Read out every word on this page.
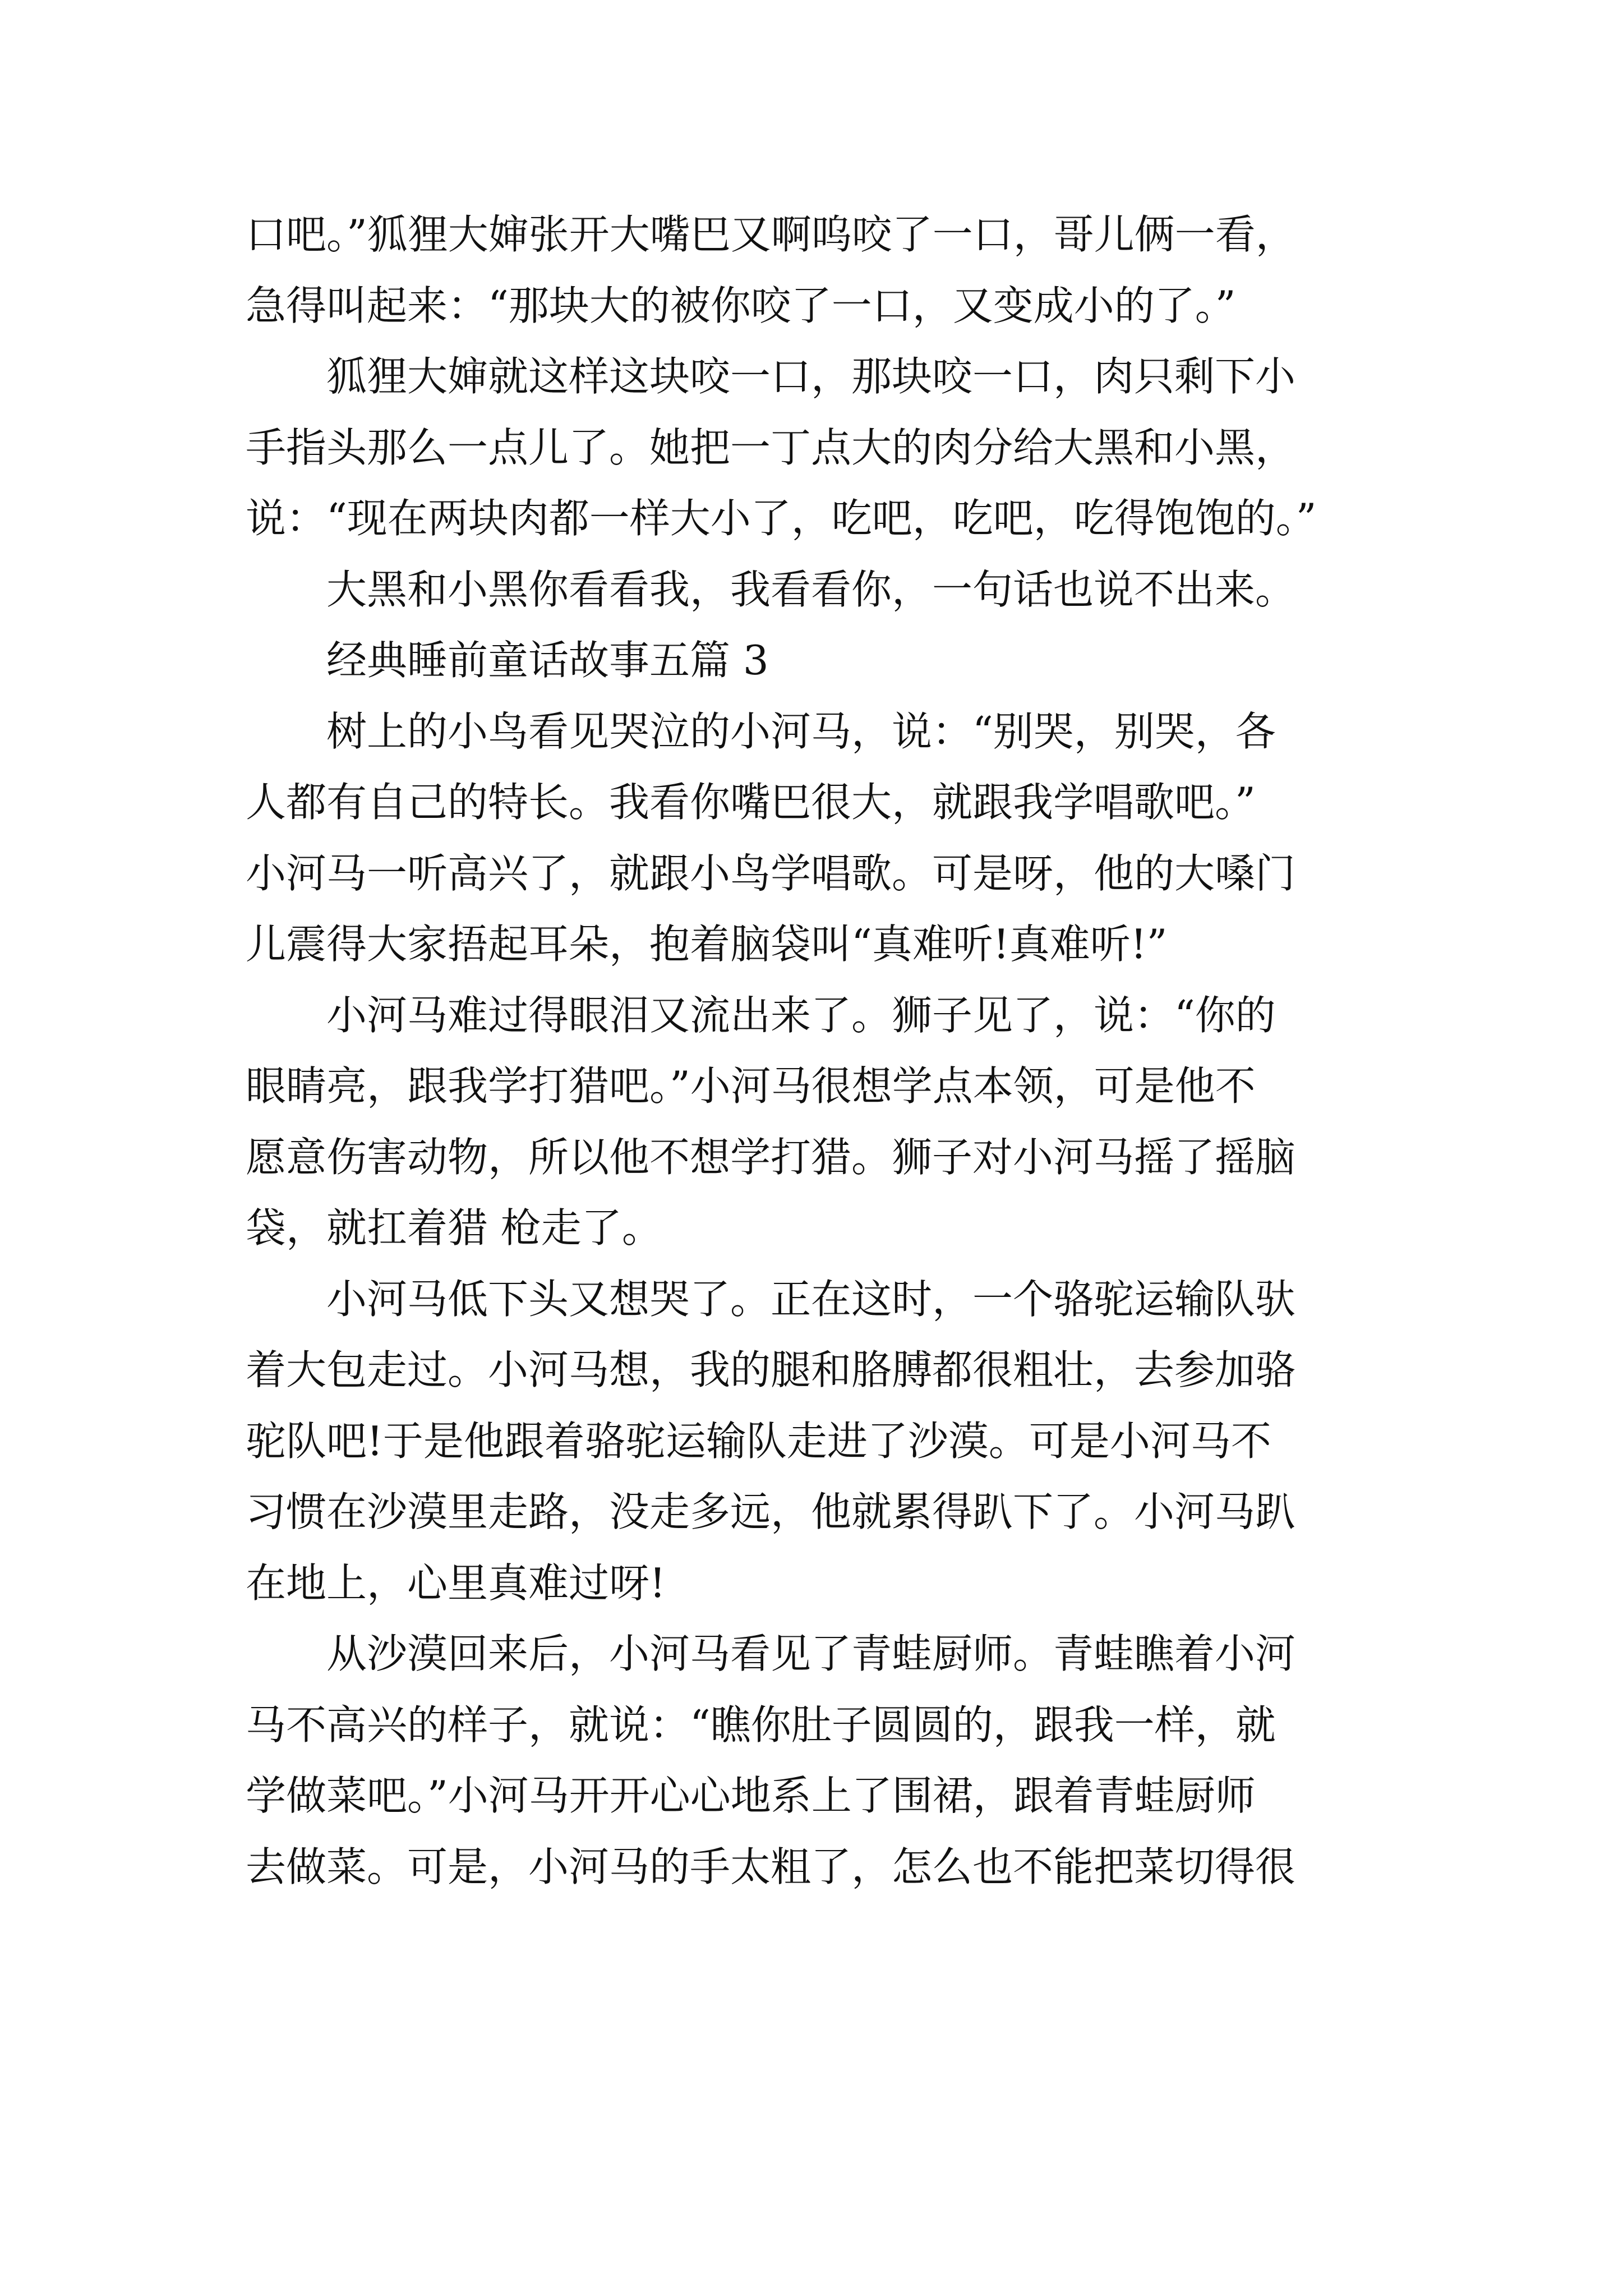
口吧。”狐狸大婶张开大嘴巴又啊呜咬了一口，哥儿俩一看，

急得叫起来：“那块大的被你咬了一口，又变成小的了。”

　　狐狸大婶就这样这块咬一口，那块咬一口，肉只剩下小

手指头那么一点儿了。她把一丁点大的肉分给大黑和小黑，

说：“现在两块肉都一样大小了，吃吧，吃吧，吃得饱饱的。”

　　大黑和小黑你看看我，我看看你，一句话也说不出来。

　　经典睡前童话故事五篇 3

　　树上的小鸟看见哭泣的小河马，说：“别哭，别哭，各

人都有自己的特长。我看你嘴巴很大，就跟我学唱歌吧。”

小河马一听高兴了，就跟小鸟学唱歌。可是呀，他的大嗓门

儿震得大家捂起耳朵，抱着脑袋叫“真难听!真难听!”

　　小河马难过得眼泪又流出来了。狮子见了，说：“你的

眼睛亮，跟我学打猎吧。”小河马很想学点本领，可是他不

愿意伤害动物，所以他不想学打猎。狮子对小河马摇了摇脑

袋，就扛着猎 枪走了。

　　小河马低下头又想哭了。正在这时，一个骆驼运输队驮

着大包走过。小河马想，我的腿和胳膊都很粗壮，去参加骆

驼队吧!于是他跟着骆驼运输队走进了沙漠。可是小河马不

习惯在沙漠里走路，没走多远，他就累得趴下了。小河马趴

在地上，心里真难过呀!

　　从沙漠回来后，小河马看见了青蛙厨师。青蛙瞧着小河

马不高兴的样子，就说：“瞧你肚子圆圆的，跟我一样，就

学做菜吧。”小河马开开心心地系上了围裙，跟着青蛙厨师

去做菜。可是，小河马的手太粗了，怎么也不能把菜切得很
